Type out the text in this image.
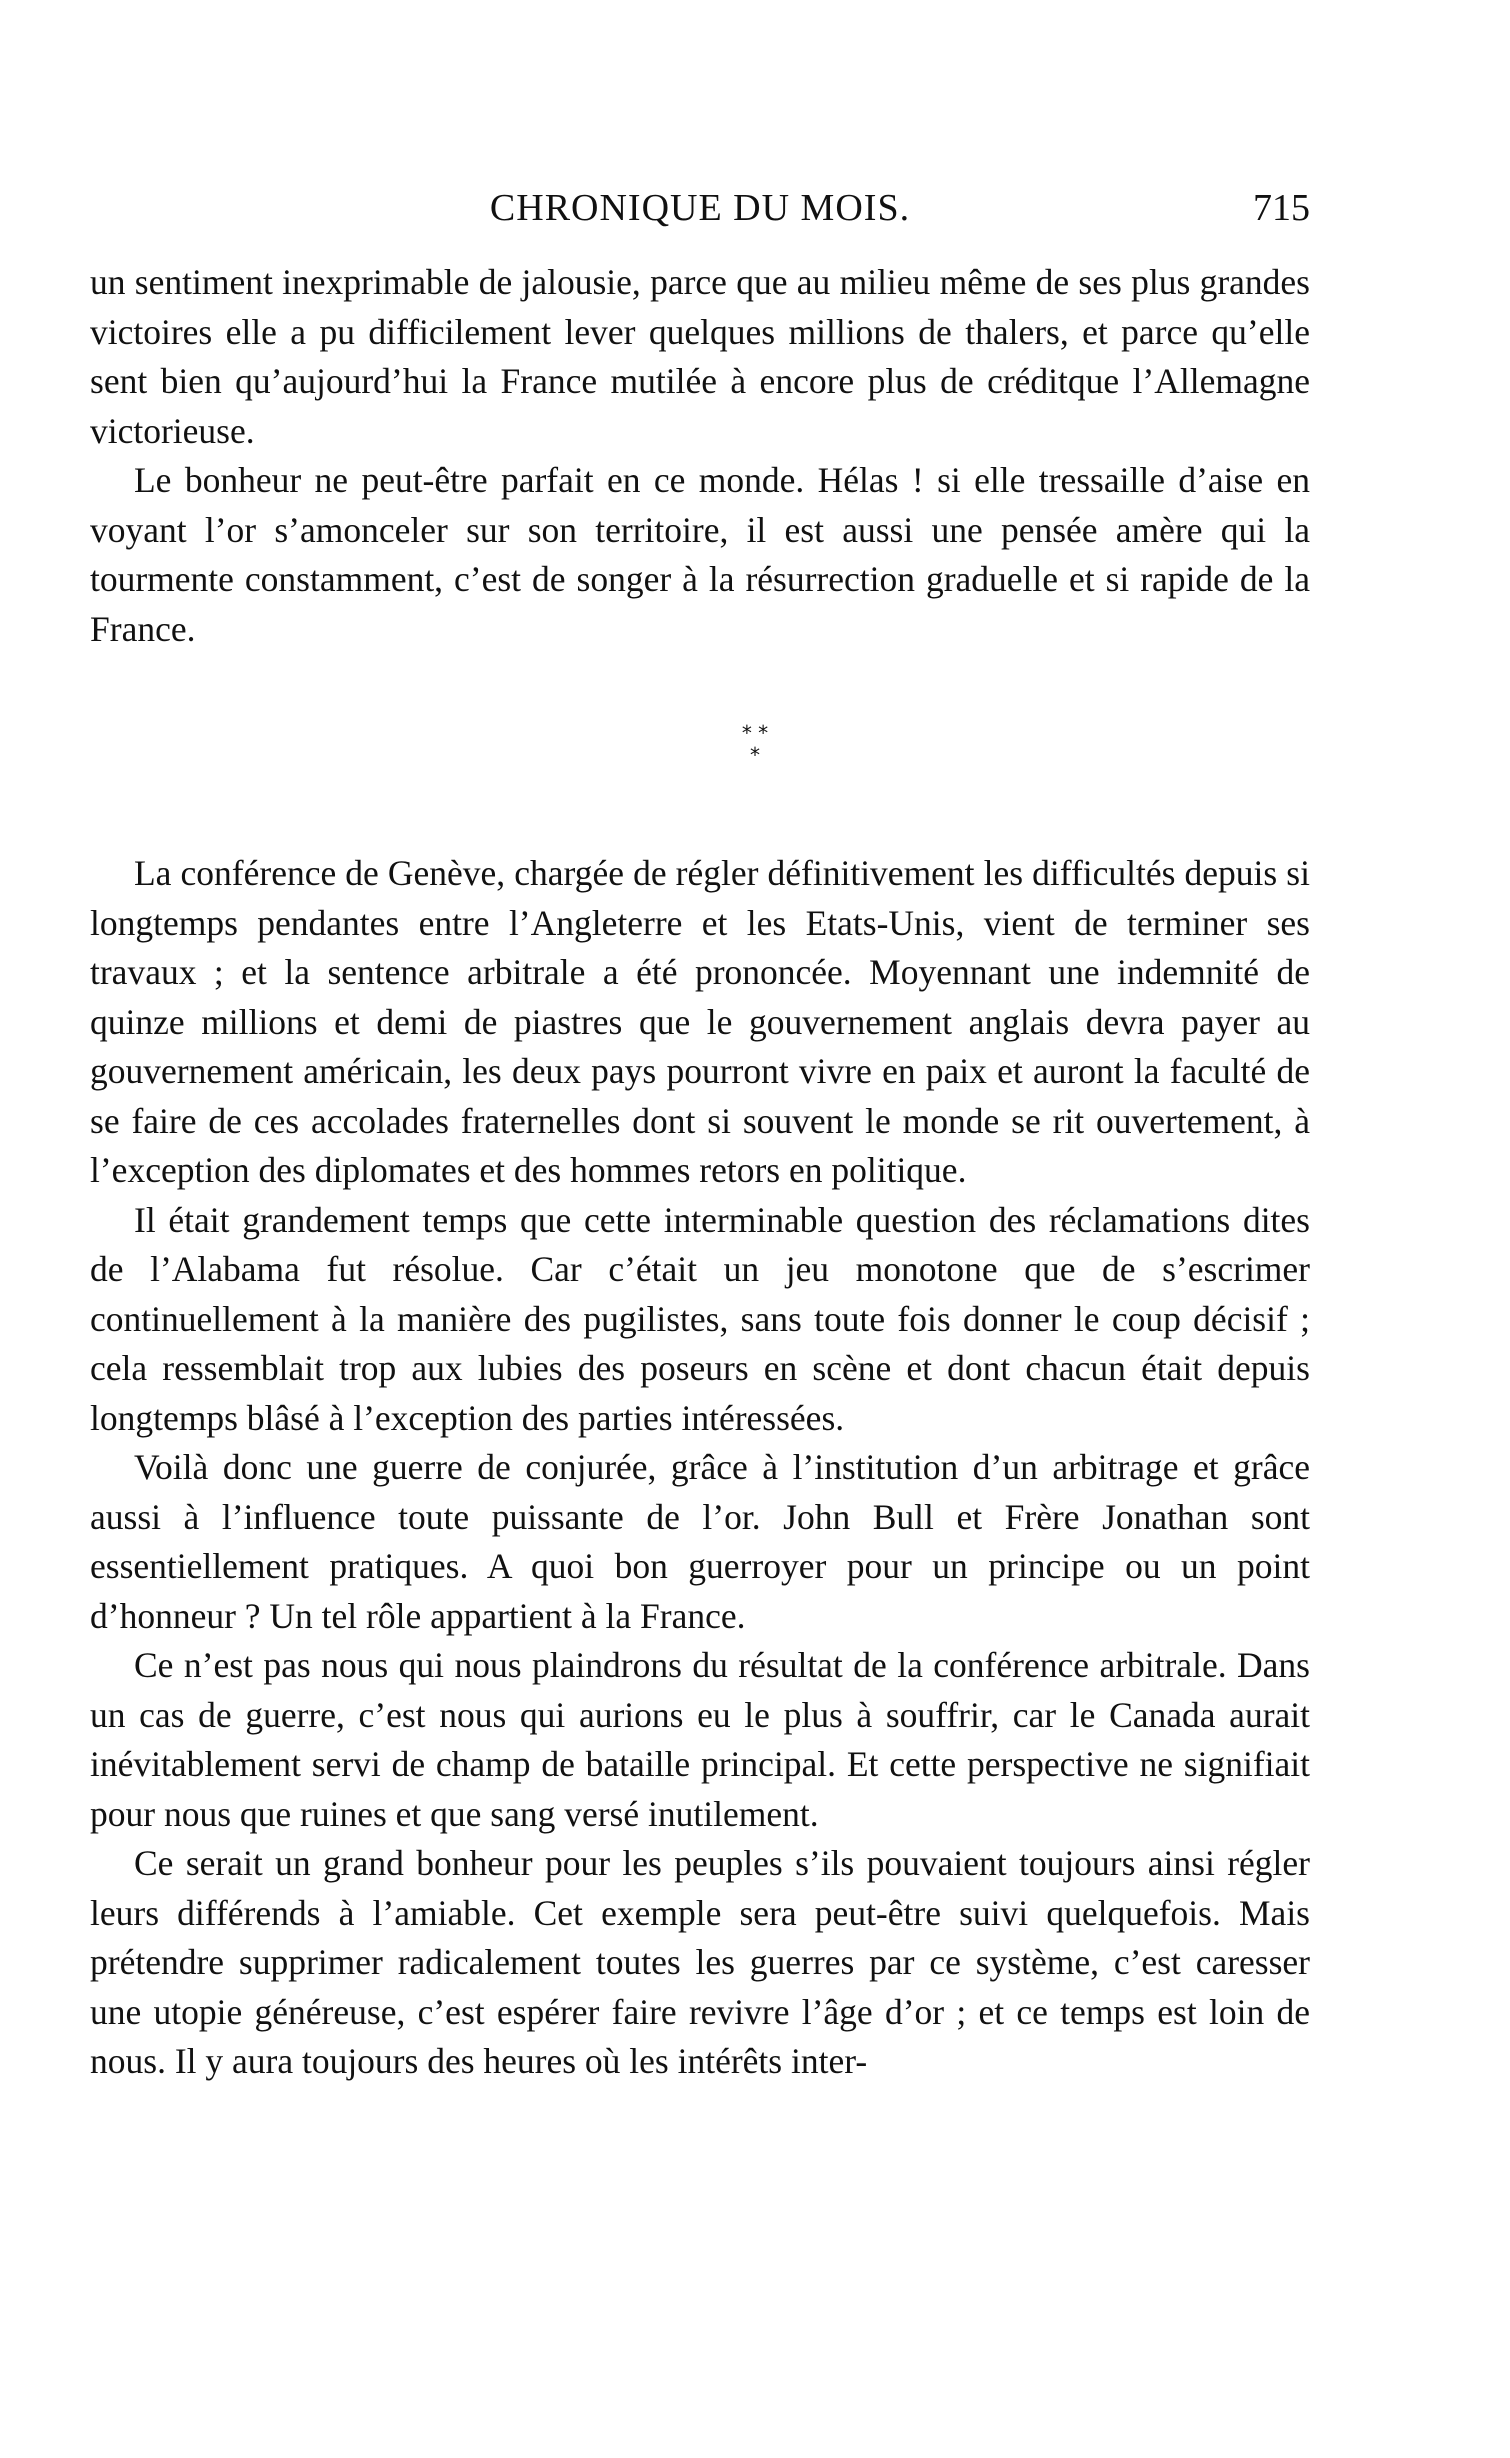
CHRONIQUE DU MOIS.	715

un sentiment inexprimable de jalousie, parce que au milieu même de ses plus grandes victoires elle a pu difficilement lever quelques millions de thalers, et parce qu’elle sent bien qu’aujourd’hui la France mutilée à encore plus de créditque l’Allemagne victorieuse.

Le bonheur ne peut-être parfait en ce monde. Hélas ! si elle tressaille d’aise en voyant l’or s’amonceler sur son territoire, il est aussi une pensée amère qui la tourmente constamment, c’est de songer à la résurrection graduelle et si rapide de la France.

* *
*

La conférence de Genève, chargée de régler définitivement les difficultés depuis si longtemps pendantes entre l’Angleterre et les Etats-Unis, vient de terminer ses travaux ; et la sentence arbitrale a été prononcée. Moyennant une indemnité de quinze millions et demi de piastres que le gouvernement anglais devra payer au gouvernement américain, les deux pays pourront vivre en paix et auront la faculté de se faire de ces accolades fraternelles dont si souvent le monde se rit ouvertement, à l’exception des diplomates et des hommes retors en politique.

Il était grandement temps que cette interminable question des réclamations dites de l’Alabama fut résolue. Car c’était un jeu monotone que de s’escrimer continuellement à la manière des pugilistes, sans toute fois donner le coup décisif ; cela ressemblait trop aux lubies des poseurs en scène et dont chacun était depuis longtemps blâsé à l’exception des parties intéressées.

Voilà donc une guerre de conjurée, grâce à l’institution d’un arbitrage et grâce aussi à l’influence toute puissante de l’or. John Bull et Frère Jonathan sont essentiellement pratiques. A quoi bon guerroyer pour un principe ou un point d’honneur ? Un tel rôle appartient à la France.

Ce n’est pas nous qui nous plaindrons du résultat de la conférence arbitrale. Dans un cas de guerre, c’est nous qui aurions eu le plus à souffrir, car le Canada aurait inévitablement servi de champ de bataille principal. Et cette perspective ne signifiait pour nous que ruines et que sang versé inutilement.

Ce serait un grand bonheur pour les peuples s’ils pouvaient toujours ainsi régler leurs différends à l’amiable. Cet exemple sera peut-être suivi quelquefois. Mais prétendre supprimer radicalement toutes les guerres par ce système, c’est caresser une utopie généreuse, c’est espérer faire revivre l’âge d’or ; et ce temps est loin de nous. Il y aura toujours des heures où les intérêts inter-
